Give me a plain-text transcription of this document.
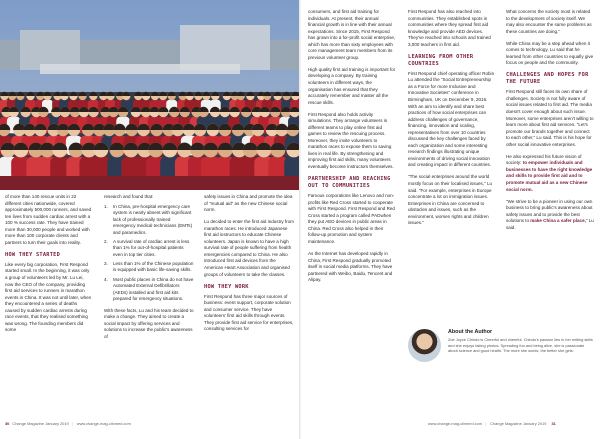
of more than 140 rescue units in 22 different cities nationwide, covered approximately 500,000 runners, and saved ten lives from sudden cardiac arrest with a 100 % success rate. They have trained more than 30,000 people and worked with more than 100 corporate clients and partners to turn their goals into reality.

HOW THEY STARTED

Like every big corporation, First Respond started small. In the beginning, it was only a group of volunteers led by Mr. Lu Lei, now the CEO of the company, providing first aid services to runners in marathon events in China. It was not until later, when they encountered a series of deaths caused by sudden cardiac arrests during race events, that they realised something was wrong. The founding members did some

research and found that:

1. In China, pre-hospital emergency care system is nearly absent with significant lack of professionally trained emergency medical technicians (EMTs) and paramedics.
2. A survival rate of cardiac arrest is less than 1% for out-of-hospital patients even in top tier cities.
3. Less than 1% of the Chinese population is equipped with basic life-saving skills.
4. Most public places in China do not have Automated External Defibrillators (AEDs) installed and first aid kits prepared for emergency situations.

With these facts, Lu and his team decided to make a change. They aimed to create a social impact by offering services and solutions to increase the public's awareness of

safety issues in China and promote the idea of "mutual aid" as the new Chinese social norm.

Lu decided to enter the first aid industry from marathon races. He introduced Japanese first aid instructors to educate Chinese volunteers. Japan is known to have a high survival rate of people suffering from health emergencies compared to China. He also introduced first aid devices from the American Heart Association and organised groups of volunteers to take the classes.

HOW THEY WORK

First Respond has three major sources of business: event support, corporate solution and consumer service. They have volunteers' first aid skills through events. They provide first aid service for enterprises, consulting services for

30 Change Magazine January 2019 | www.change-mag-clinmed.com

consumers, and first aid training for individuals. At present, their annual financial growth is in line with their annual expectations. Since 2015, First Respond has grown into a for-profit social enterprise, which has more than sixty employees with core management team members from its previous volunteer group.

High quality first aid training is important for developing a company. By training volunteers in different ways, the organisation has ensured that they accurately remember and master all the rescue skills.

First Respond also holds activity simulations. They arrange volunteers in different teams to play online first aid games to review the rescuing process. Moreover, they invite volunteers to marathon races to expose them to saving lives in real life. By strengthening and improving first aid skills, many volunteers eventually become instructors themselves.

PARTNERSHIP AND REACHING OUT TO COMMUNITIES

Famous corporations like Lenovo and non-profits like Red Cross started to cooperate with First Respond. First Respond and Red Cross started a program called PADwhen they put AED devices in public areas in China. Red Cross also helped in their follow-up promotion and system maintenance.

As the Internet has developed rapidly in China, First Respond gradually promoted itself in social media platforms. They have partnered with Weibo, Baidu, Tencent and Alipay.

First Respond has also reached into communities. They established spots in communities where they spread first aid knowledge and provide AED devices. They've reached into schools and trained 3,000 teachers in first aid.

LEARNING FROM OTHER COUNTRIES

First Respond chief operating officer Robin Lu attended the "Social Entrepreneurship as a Force for more Inclusive and Innovative Societies" conference in Birmingham, UK on December 9, 2016. With an aim to identify and share best practices of how social enterprises can address challenges of governance, financing, innovation and scaling, representatives from over 10 countries discussed the key challenges faced by each organization and some interesting research findings illustrating unique environments of driving social innovation and creating impact in different countries.

"The social enterprises around the world mostly focus on their localised issues," Lu said. "For example, enterprises in Europe concentrate a lot on immigration issues. Enterprises in China are concerned to ubstacles and issues, such as the environment, women rights and children issues."

What concerns the society most is related to the development of society itself. We may also encounter the same problems as these countries are doing."

While China may be a step ahead when it comes to technology, Lu said that he learned from other countries to equally give focus on people and the community.

CHALLENGES AND HOPES FOR THE FUTURE

First Respond still faces its own share of challenges. Society is not fully aware of social issues related to first aid. The media doesn't cover enough about such issue. Moreover, some enterprises aren't willing to learn more about first aid services. "Let's promote our brands together and connect to each other," Lu said. This is his hope for other social innovative enterprises.

He also expressed his future vision of society: to empower individuals and businesses to have the right knowledge and skills to provide first aid and to promote mutual aid as a new Chinese social norm.

"We strive to be a pioneer in using our own business to bring public's awareness about safety issues and to provide the best solutions to make China a safer place," Lu said.

About the Author
Zoe Joyce Chindo is Cheerful and cheerful. Chindo's passion lies in her writing skills and she enjoys taking photos. Spreading fun and being alive, she is passionate about science and good health. The more she works, the better she gets.
www.change-mag-clinmed.com | Change Magazine January 2019 31
